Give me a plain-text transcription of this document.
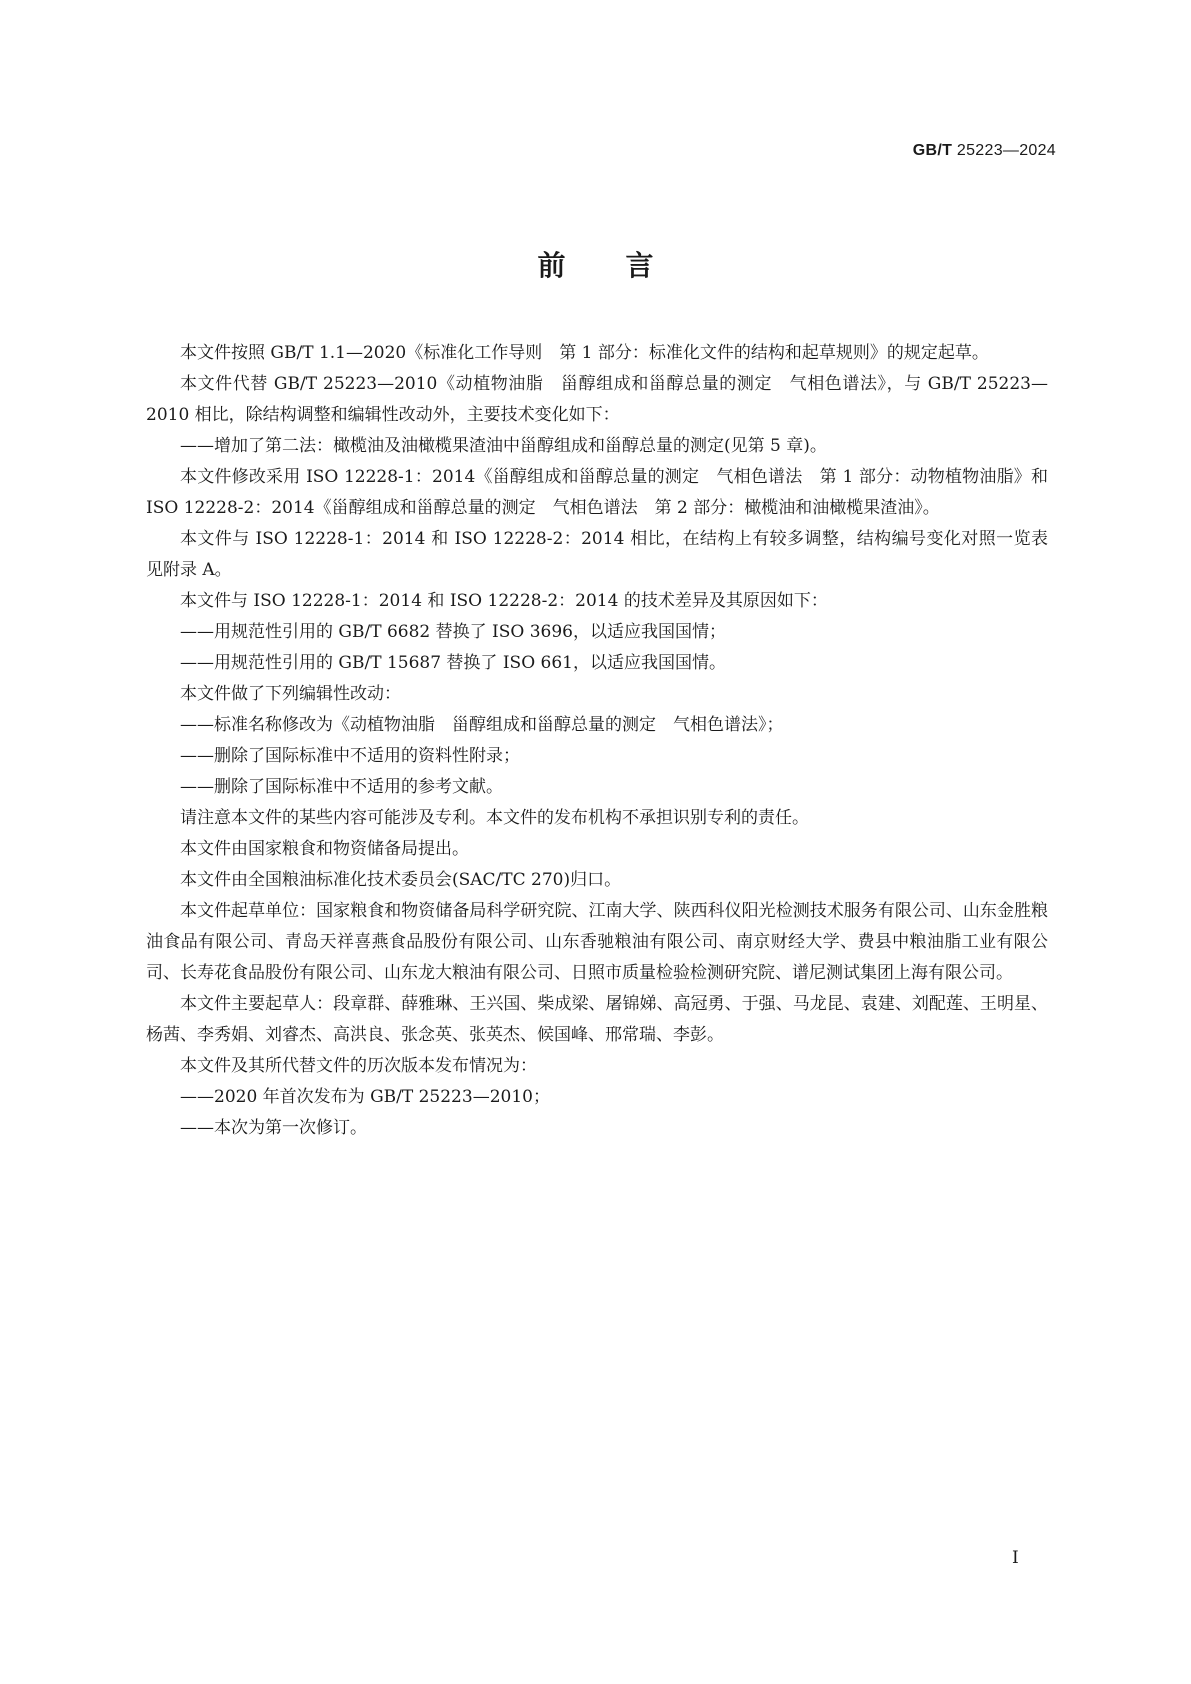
GB/T 25223—2024
前言

本文件按照 GB/T 1.1—2020《标准化工作导则　第 1 部分：标准化文件的结构和起草规则》的规定起草。

本文件代替 GB/T 25223—2010《动植物油脂　甾醇组成和甾醇总量的测定　气相色谱法》，与 GB/T 25223—2010 相比，除结构调整和编辑性改动外，主要技术变化如下：

——增加了第二法：橄榄油及油橄榄果渣油中甾醇组成和甾醇总量的测定(见第 5 章)。

本文件修改采用 ISO 12228-1：2014《甾醇组成和甾醇总量的测定　气相色谱法　第 1 部分：动物植物油脂》和 ISO 12228-2：2014《甾醇组成和甾醇总量的测定　气相色谱法　第 2 部分：橄榄油和油橄榄果渣油》。

本文件与 ISO 12228-1：2014 和 ISO 12228-2：2014 相比，在结构上有较多调整，结构编号变化对照一览表见附录 A。

本文件与 ISO 12228-1：2014 和 ISO 12228-2：2014 的技术差异及其原因如下：

——用规范性引用的 GB/T 6682 替换了 ISO 3696，以适应我国国情；

——用规范性引用的 GB/T 15687 替换了 ISO 661，以适应我国国情。

本文件做了下列编辑性改动：

——标准名称修改为《动植物油脂　甾醇组成和甾醇总量的测定　气相色谱法》；

——删除了国际标准中不适用的资料性附录；

——删除了国际标准中不适用的参考文献。

请注意本文件的某些内容可能涉及专利。本文件的发布机构不承担识别专利的责任。

本文件由国家粮食和物资储备局提出。

本文件由全国粮油标准化技术委员会(SAC/TC 270)归口。

本文件起草单位：国家粮食和物资储备局科学研究院、江南大学、陕西科仪阳光检测技术服务有限公司、山东金胜粮油食品有限公司、青岛天祥喜燕食品股份有限公司、山东香驰粮油有限公司、南京财经大学、费县中粮油脂工业有限公司、长寿花食品股份有限公司、山东龙大粮油有限公司、日照市质量检验检测研究院、谱尼测试集团上海有限公司。

本文件主要起草人：段章群、薛雅琳、王兴国、柴成梁、屠锦娣、高冠勇、于强、马龙昆、袁建、刘配莲、王明星、杨茜、李秀娟、刘睿杰、高洪良、张念英、张英杰、候国峰、邢常瑞、李彭。

本文件及其所代替文件的历次版本发布情况为：

——2020 年首次发布为 GB/T 25223—2010；

——本次为第一次修订。

I
